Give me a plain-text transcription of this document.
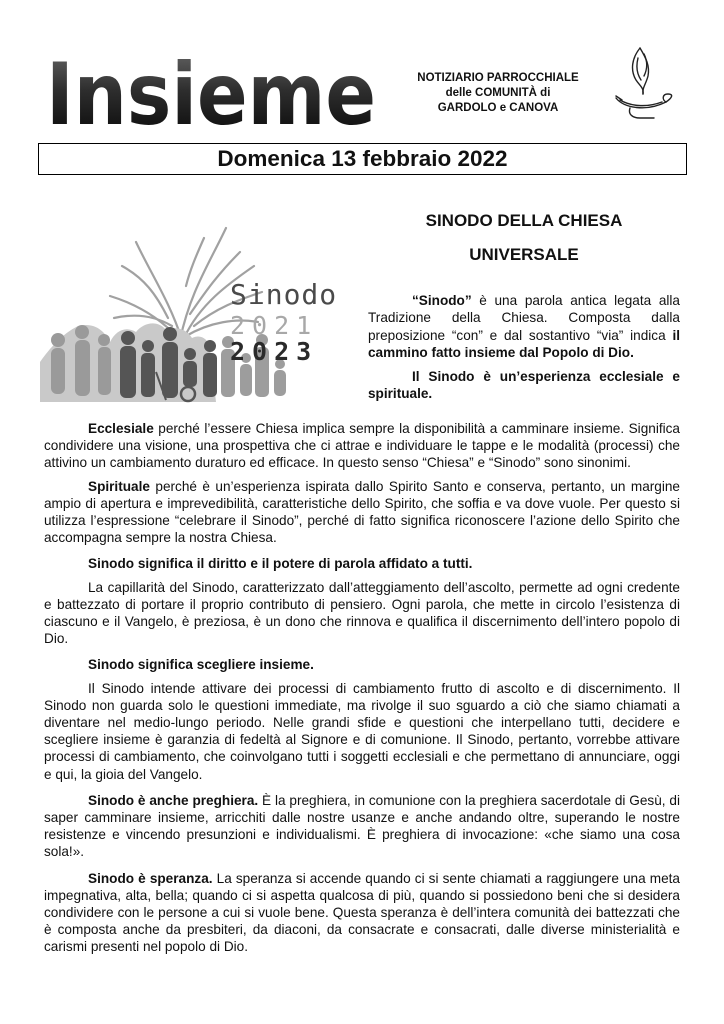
Insieme	NOTIZIARIO PARROCCHIALE
delle COMUNITÀ di
GARDOLO e CANOVA
Domenica 13 febbraio 2022
Sinodo
2021
2023
SINODO DELLA CHIESA
UNIVERSALE

“Sinodo” è una parola antica legata alla Tradizione della Chiesa. Composta dalla preposizione “con” e dal sostantivo “via” indica il cammino fatto insieme dal Popolo di Dio.

Il Sinodo è un’esperienza ecclesiale e spirituale.

Ecclesiale perché l’essere Chiesa implica sempre la disponibilità a camminare insieme. Significa condividere una visione, una prospettiva che ci attrae e individuare le tappe e le modalità (processi) che attivino un cambiamento duraturo ed efficace. In questo senso “Chiesa” e “Sinodo” sono sinonimi.

Spirituale perché è un’esperienza ispirata dallo Spirito Santo e conserva, pertanto, un margine ampio di apertura e imprevedibilità, caratteristiche dello Spirito, che soffia e va dove vuole. Per questo si utilizza l’espressione “celebrare il Sinodo”, perché di fatto significa riconoscere l’azione dello Spirito che accompagna sempre la nostra Chiesa.

Sinodo significa il diritto e il potere di parola affidato a tutti.

La capillarità del Sinodo, caratterizzato dall’atteggiamento dell’ascolto, permette ad ogni credente e battezzato di portare il proprio contributo di pensiero. Ogni parola, che mette in circolo l’esistenza di ciascuno e il Vangelo, è preziosa, è un dono che rinnova e qualifica il discernimento dell’intero popolo di Dio.

Sinodo significa scegliere insieme.

Il Sinodo intende attivare dei processi di cambiamento frutto di ascolto e di discernimento. Il Sinodo non guarda solo le questioni immediate, ma rivolge il suo sguardo a ciò che siamo chiamati a diventare nel medio-lungo periodo. Nelle grandi sfide e questioni che interpellano tutti, decidere e scegliere insieme è garanzia di fedeltà al Signore e di comunione. Il Sinodo, pertanto, vorrebbe attivare processi di cambiamento, che coinvolgano tutti i soggetti ecclesiali e che permettano di annunciare, oggi e qui, la gioia del Vangelo.

Sinodo è anche preghiera. È la preghiera, in comunione con la preghiera sacerdotale di Gesù, di saper camminare insieme, arricchiti dalle nostre usanze e anche andando oltre, superando le nostre resistenze e vincendo presunzioni e individualismi. È preghiera di invocazione: «che siamo una cosa sola!».

Sinodo è speranza. La speranza si accende quando ci si sente chiamati a raggiungere una meta impegnativa, alta, bella; quando ci si aspetta qualcosa di più, quando si possiedono beni che si desidera condividere con le persone a cui si vuole bene. Questa speranza è dell’intera comunità dei battezzati che è composta anche da presbiteri, da diaconi, da consacrate e consacrati, dalle diverse ministerialità e carismi presenti nel popolo di Dio.
